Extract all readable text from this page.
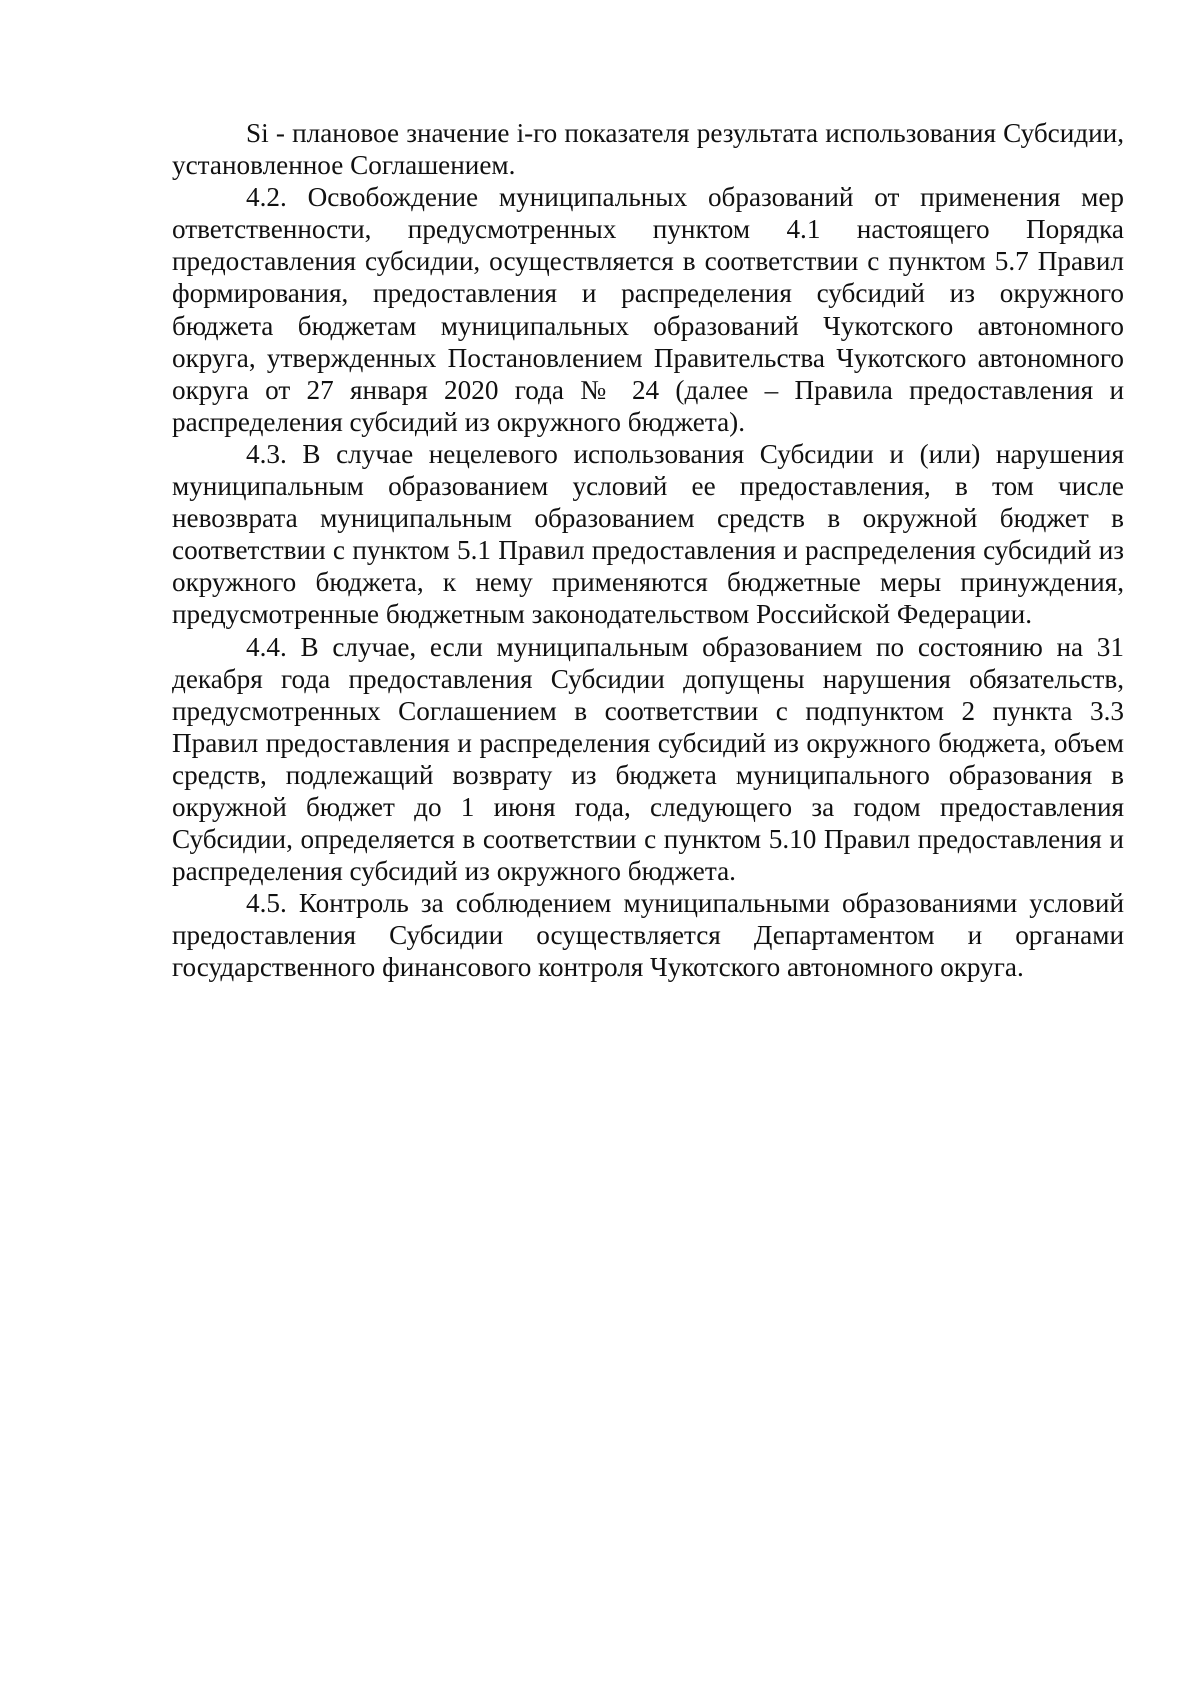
Si - плановое значение i-го показателя результата использования Субсидии, установленное Соглашением.

4.2. Освобождение муниципальных образований от применения мер ответственности, предусмотренных пунктом 4.1 настоящего Порядка предоставления субсидии, осуществляется в соответствии с пунктом 5.7 Правил формирования, предоставления и распределения субсидий из окружного бюджета бюджетам муниципальных образований Чукотского автономного округа, утвержденных Постановлением Правительства Чукотского автономного округа от 27 января 2020 года № 24 (далее – Правила предоставления и распределения субсидий из окружного бюджета).

4.3. В случае нецелевого использования Субсидии и (или) нарушения муниципальным образованием условий ее предоставления, в том числе невозврата муниципальным образованием средств в окружной бюджет в соответствии с пунктом 5.1 Правил предоставления и распределения субсидий из окружного бюджета, к нему применяются бюджетные меры принуждения, предусмотренные бюджетным законодательством Российской Федерации.

4.4. В случае, если муниципальным образованием по состоянию на 31 декабря года предоставления Субсидии допущены нарушения обязательств, предусмотренных Соглашением в соответствии с подпунктом 2 пункта 3.3 Правил предоставления и распределения субсидий из окружного бюджета, объем средств, подлежащий возврату из бюджета муниципального образования в окружной бюджет до 1 июня года, следующего за годом предоставления Субсидии, определяется в соответствии с пунктом 5.10 Правил предоставления и распределения субсидий из окружного бюджета.

4.5. Контроль за соблюдением муниципальными образованиями условий предоставления Субсидии осуществляется Департаментом и органами государственного финансового контроля Чукотского автономного округа.
